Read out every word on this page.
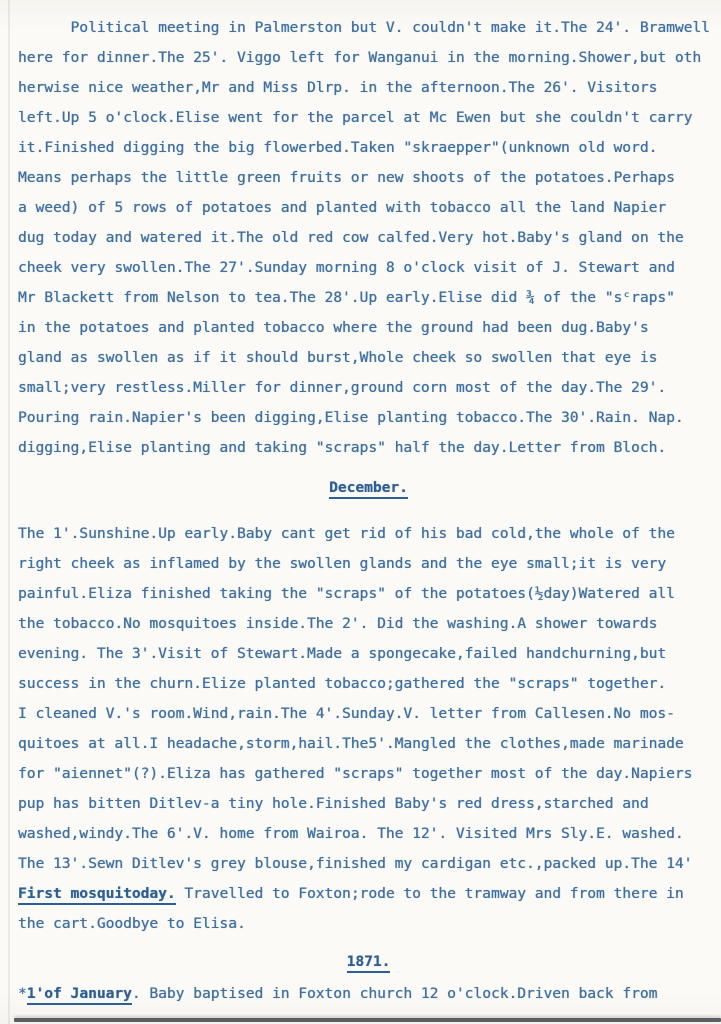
Political meeting in Palmerston but V. couldn't make it.The 24'. Bramwell
here for dinner.The 25'. Viggo left for Wanganui in the morning.Shower,but oth
herwise nice weather,Mr and Miss Dlrp. in the afternoon.The 26'. Visitors
left.Up 5 o'clock.Elise went for the parcel at Mc Ewen but she couldn't carry
it.Finished digging the big flowerbed.Taken "skraepper"(unknown old word.
Means perhaps the little green fruits or new shoots of the potatoes.Perhaps
a weed) of 5 rows of potatoes and planted with tobacco all the land Napier
dug today and watered it.The old red cow calfed.Very hot.Baby's gland on the
cheek very swollen.The 27'.Sunday morning 8 o'clock visit of J. Stewart and
Mr Blackett from Nelson to tea.The 28'.Up early.Elise did ¾ of the "sᶜraps"
in the potatoes and planted tobacco where the ground had been dug.Baby's
gland as swollen as if it should burst,Whole cheek so swollen that eye is
small;very restless.Miller for dinner,ground corn most of the day.The 29'.
Pouring rain.Napier's been digging,Elise planting tobacco.The 30'.Rain. Nap.
digging,Elise planting and taking "scraps" half the day.Letter from Bloch.
December.
The 1'.Sunshine.Up early.Baby cant get rid of his bad cold,the whole of the
right cheek as inflamed by the swollen glands and the eye small;it is very
painful.Eliza finished taking the "scraps" of the potatoes(½day)Watered all
the tobacco.No mosquitoes inside.The 2'. Did the washing.A shower towards
evening. The 3'.Visit of Stewart.Made a spongecake,failed handchurning,but
success in the churn.Elize planted tobacco;gathered the "scraps" together.
I cleaned V.'s room.Wind,rain.The 4'.Sunday.V. letter from Callesen.No mos-
quitoes at all.I headache,storm,hail.The5'.Mangled the clothes,made marinade
for "aiennet"(?).Eliza has gathered "scraps" together most of the day.Napiers
pup has bitten Ditlev-a tiny hole.Finished Baby's red dress,starched and
washed,windy.The 6'.V. home from Wairoa. The 12'. Visited Mrs Sly.E. washed.
The 13'.Sewn Ditlev's grey blouse,finished my cardigan etc.,packed up.The 14'
First mosquitoday. Travelled to Foxton;rode to the tramway and from there in
the cart.Goodbye to Elisa.
1871.
*1'of January. Baby baptised in Foxton church 12 o'clock.Driven back from
